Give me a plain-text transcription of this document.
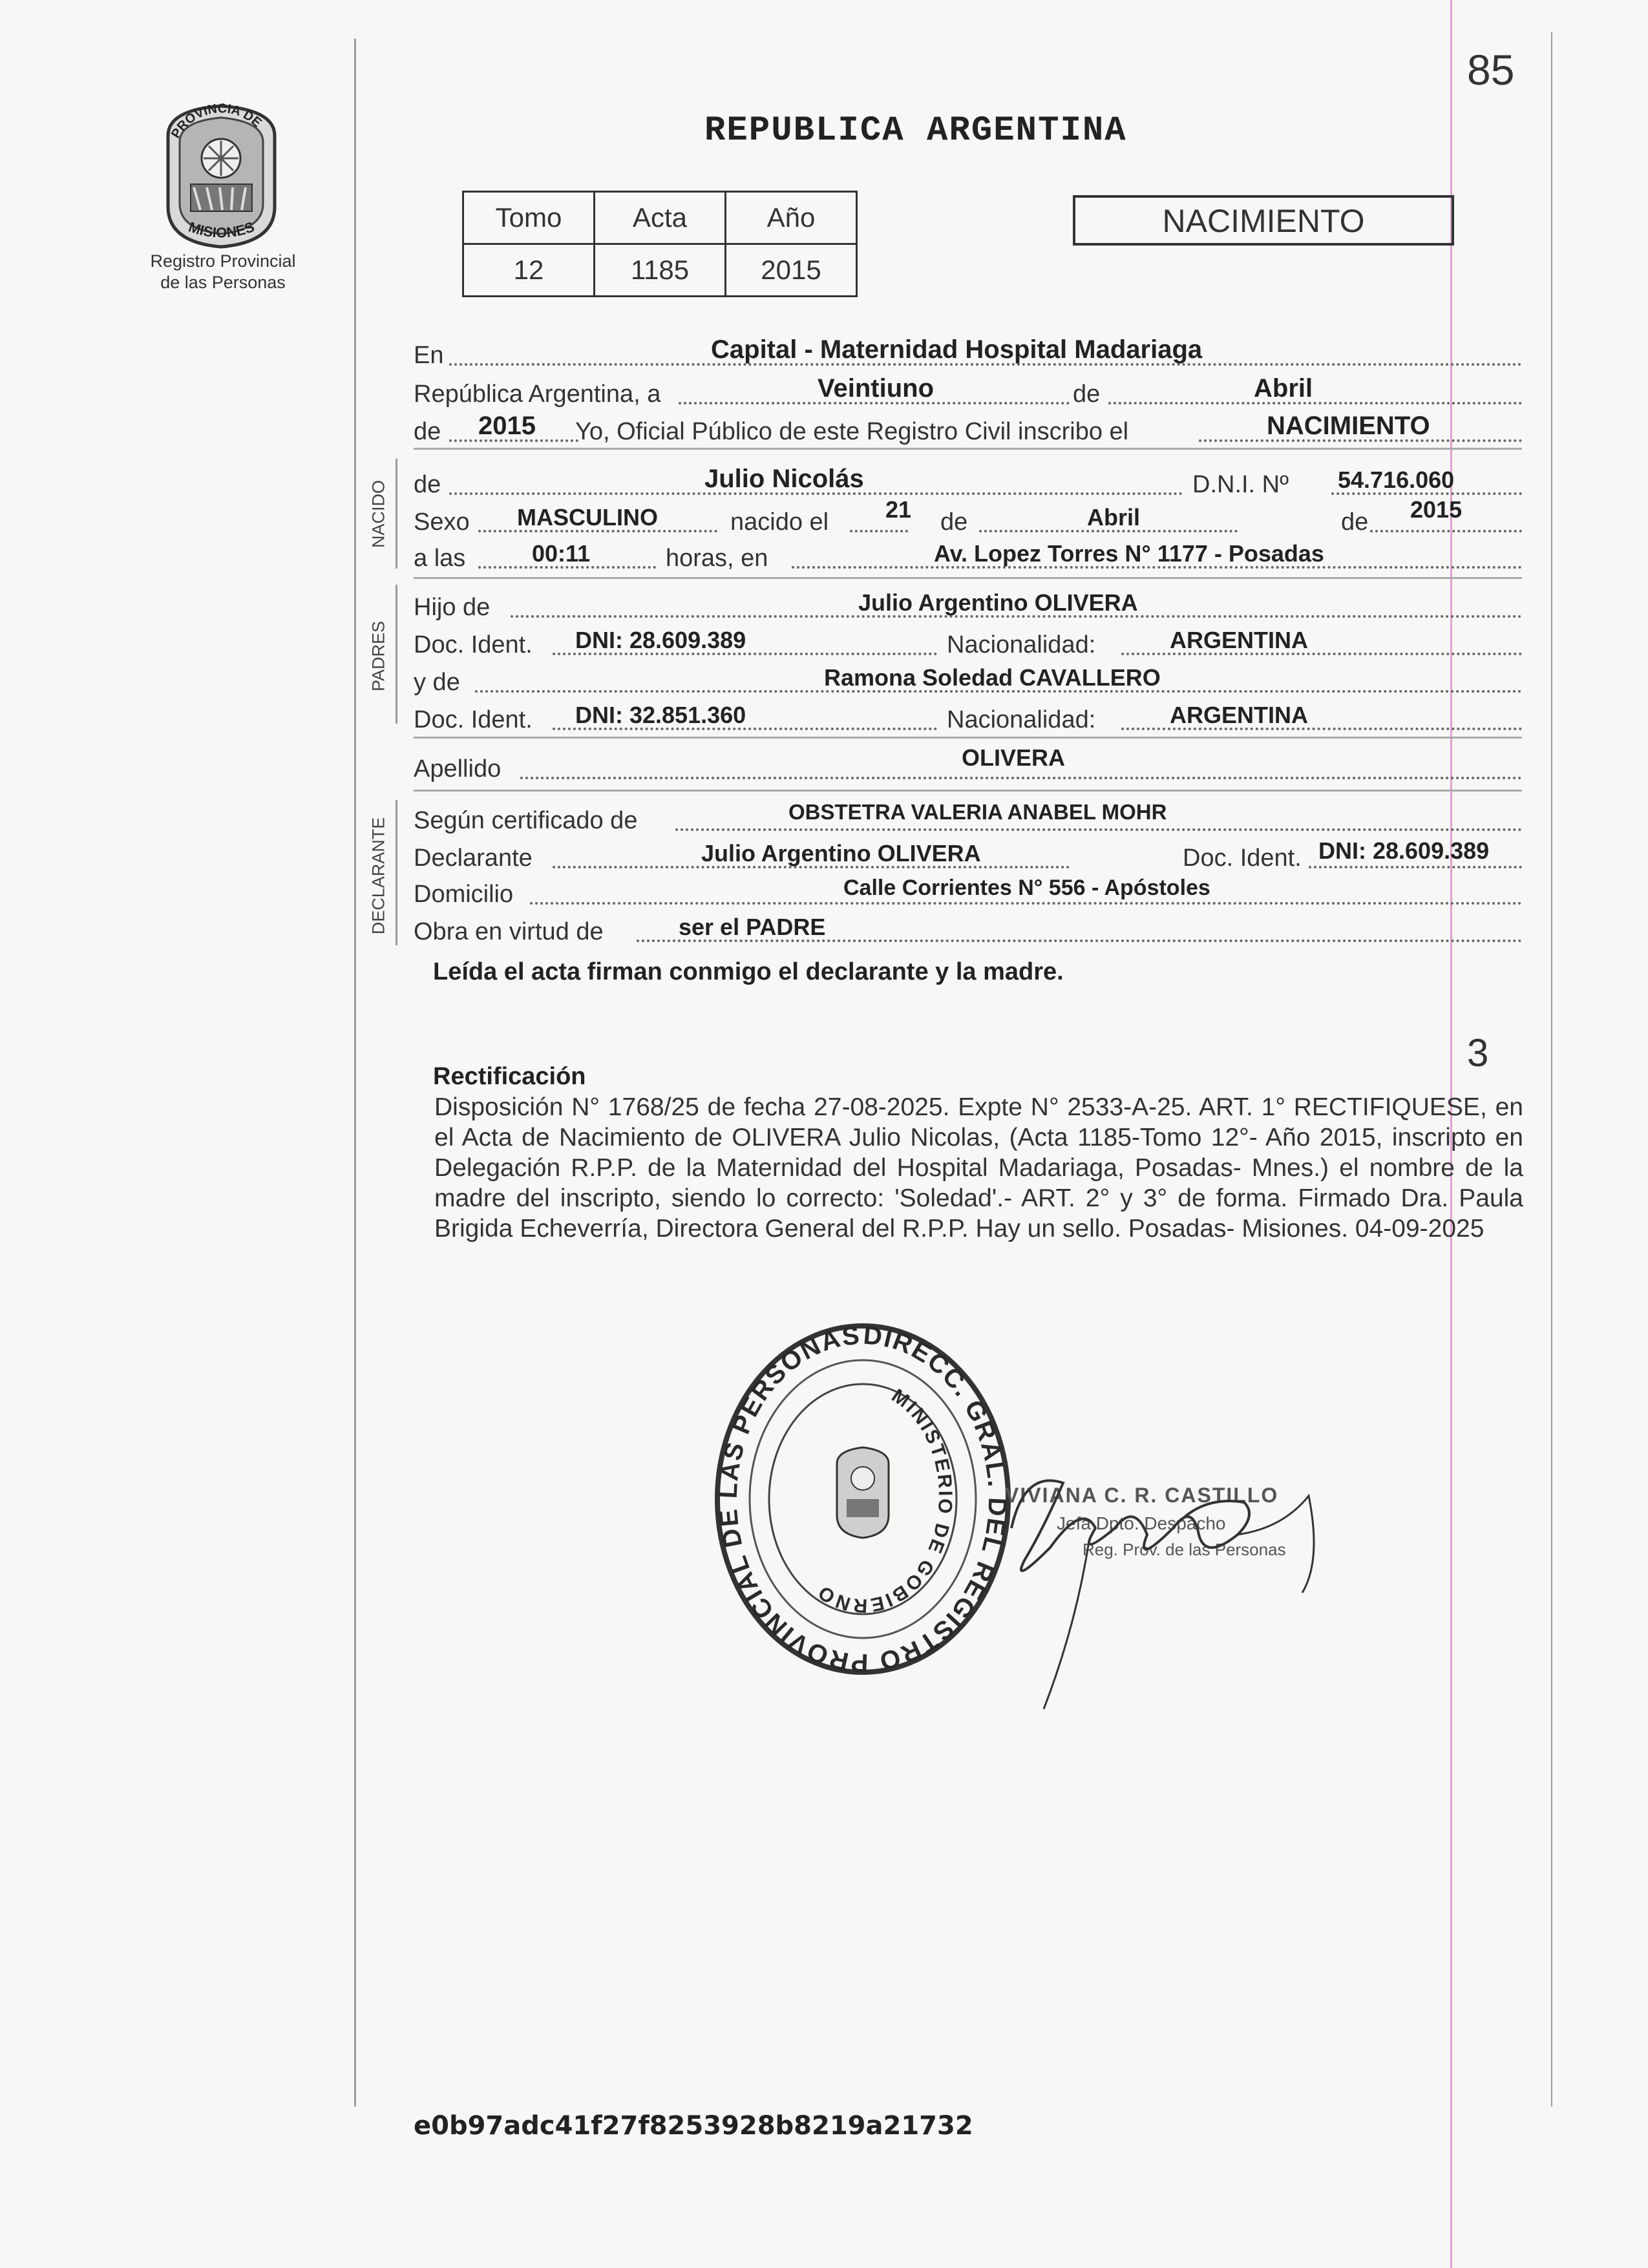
85
PROVINCIA DE
MISIONES
Registro Provincial
de las Personas
REPUBLICA ARGENTINA
Tomo	Acta	Año
12	1185	2015
NACIMIENTO
En	Capital - Maternidad Hospital Madariaga
República Argentina, a	Veintiuno	de	Abril
de 2015 Yo, Oficial Público de este Registro Civil inscribo el	NACIMIENTO
NACIDO de	Julio Nicolás	D.N.I. Nº 54.716.060
Sexo MASCULINO	nacido el 21 de	Abril	de 2015
a las	00:11	horas, en	Av. Lopez Torres N° 1177 - Posadas
PADRES
Hijo de	Julio Argentino OLIVERA
Doc. Ident. DNI: 28.609.389	Nacionalidad:	ARGENTINA
y de	Ramona Soledad CAVALLERO
Doc. Ident. DNI: 32.851.360	Nacionalidad:	ARGENTINA
Apellido	OLIVERA
DECLARANTE Según certificado de	OBSTETRA VALERIA ANABEL MOHR
Declarante	Julio Argentino OLIVERA	Doc. Ident. DNI: 28.609.389
Domicilio	Calle Corrientes N° 556 - Apóstoles
Obra en virtud de	ser el PADRE
Leída el acta firman conmigo el declarante y la madre.
3
Rectificación
Disposición N° 1768/25 de fecha 27-08-2025. Expte N° 2533-A-25. ART. 1° RECTIFIQUESE, en el Acta de Nacimiento de OLIVERA Julio Nicolas, (Acta 1185-Tomo 12°- Año 2015, inscripto en Delegación R.P.P. de la Maternidad del Hospital Madariaga, Posadas- Mnes.) el nombre de la madre del inscripto, siendo lo correcto: 'Soledad'.- ART. 2° y 3° de forma. Firmado Dra. Paula Brigida Echeverría, Directora General del R.P.P. Hay un sello. Posadas- Misiones. 04-09-2025
DIRECC. GRAL. DEL REGISTRO PROVINCIAL DE LAS PERSONAS
MINISTERIO DE GOBIERNO
VIVIANA C. R. CASTILLO
Jefa Dpto. Despacho
Reg. Prov. de las Personas
e0b97adc41f27f8253928b8219a21732
